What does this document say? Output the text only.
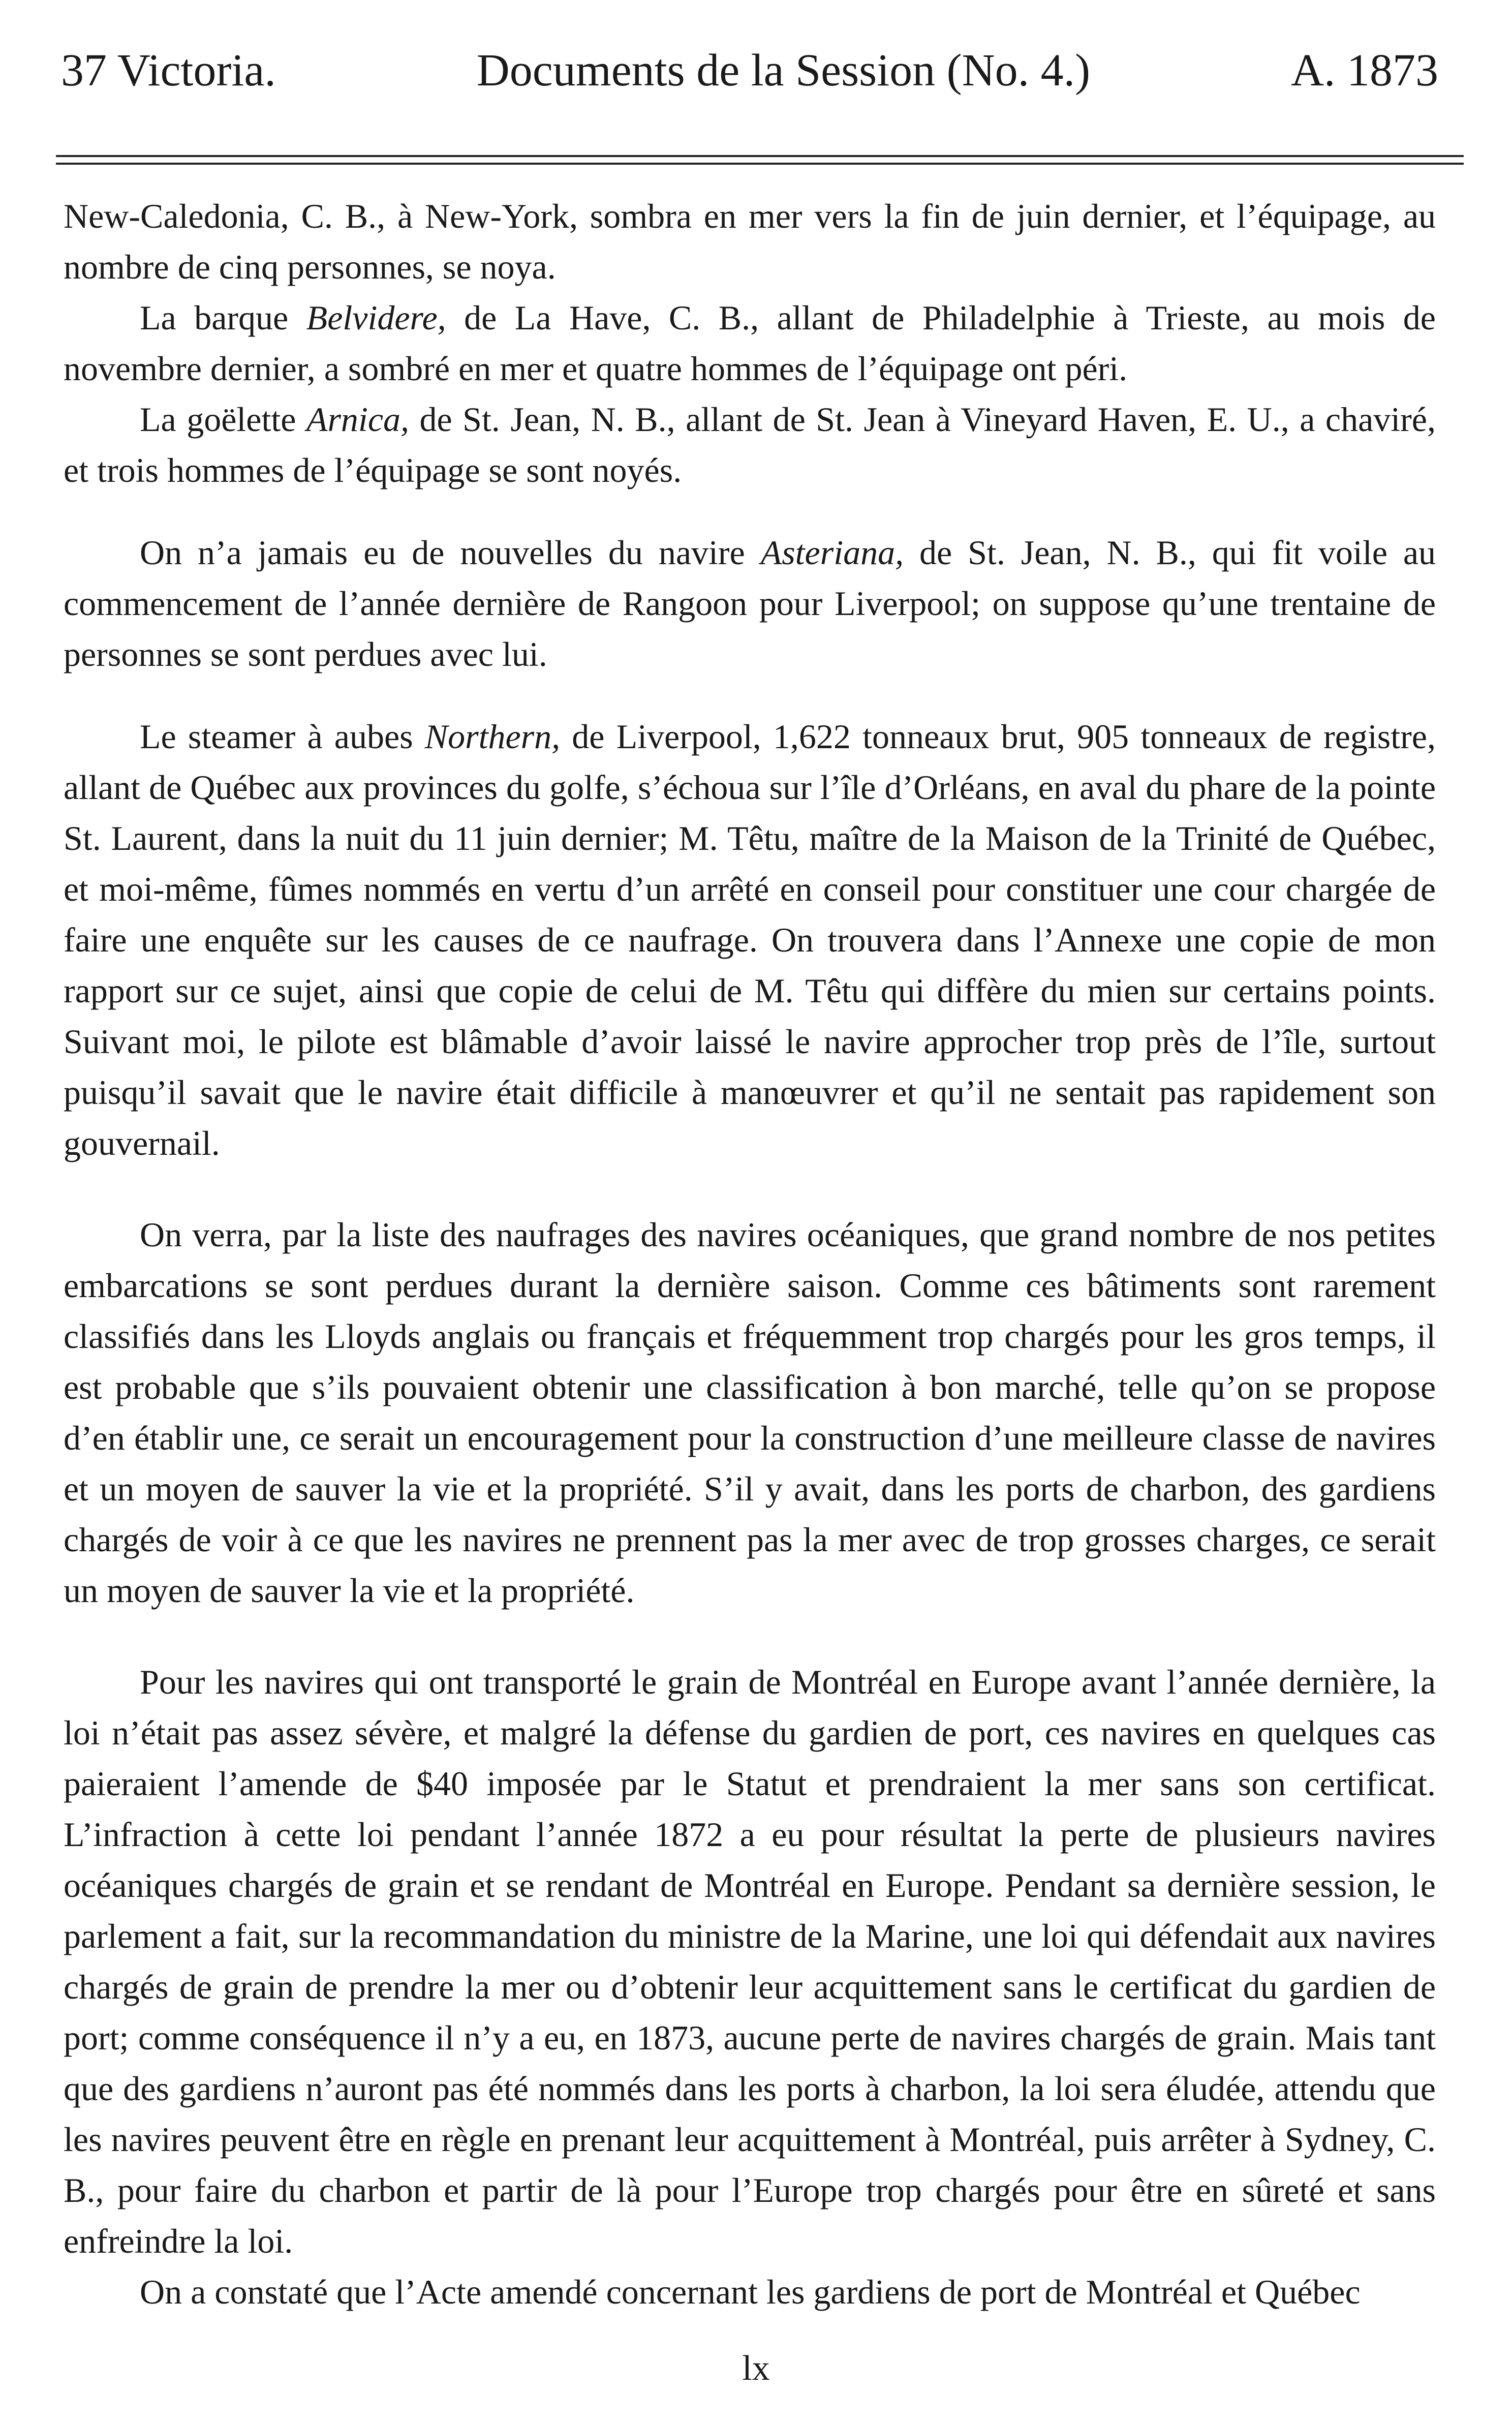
37 Victoria.	Documents de la Session (No. 4.)	A. 1873

New-Caledonia, C. B., à New-York, sombra en mer vers la fin de juin dernier, et l’équipage, au nombre de cinq personnes, se noya.

La barque Belvidere, de La Have, C. B., allant de Philadelphie à Trieste, au mois de novembre dernier, a sombré en mer et quatre hommes de l’équipage ont péri.

La goëlette Arnica, de St. Jean, N. B., allant de St. Jean à Vineyard Haven, E. U., a chaviré, et trois hommes de l’équipage se sont noyés.

On n’a jamais eu de nouvelles du navire Asteriana, de St. Jean, N. B., qui fit voile au commencement de l’année dernière de Rangoon pour Liverpool; on suppose qu’une trentaine de personnes se sont perdues avec lui.

Le steamer à aubes Northern, de Liverpool, 1,622 tonneaux brut, 905 tonneaux de registre, allant de Québec aux provinces du golfe, s’échoua sur l’île d’Orléans, en aval du phare de la pointe St. Laurent, dans la nuit du 11 juin dernier; M. Têtu, maître de la Maison de la Trinité de Québec, et moi-même, fûmes nommés en vertu d’un arrêté en conseil pour constituer une cour chargée de faire une enquête sur les causes de ce naufrage. On trouvera dans l’Annexe une copie de mon rapport sur ce sujet, ainsi que copie de celui de M. Têtu qui diffère du mien sur certains points. Suivant moi, le pilote est blâmable d’avoir laissé le navire approcher trop près de l’île, surtout puisqu’il savait que le navire était difficile à manœuvrer et qu’il ne sentait pas rapidement son gouvernail.

On verra, par la liste des naufrages des navires océaniques, que grand nombre de nos petites embarcations se sont perdues durant la dernière saison. Comme ces bâtiments sont rarement classifiés dans les Lloyds anglais ou français et fréquemment trop chargés pour les gros temps, il est probable que s’ils pouvaient obtenir une classification à bon marché, telle qu’on se propose d’en établir une, ce serait un encouragement pour la construction d’une meilleure classe de navires et un moyen de sauver la vie et la propriété. S’il y avait, dans les ports de charbon, des gardiens chargés de voir à ce que les navires ne prennent pas la mer avec de trop grosses charges, ce serait un moyen de sauver la vie et la propriété.

Pour les navires qui ont transporté le grain de Montréal en Europe avant l’année dernière, la loi n’était pas assez sévère, et malgré la défense du gardien de port, ces navires en quelques cas paieraient l’amende de $40 imposée par le Statut et prendraient la mer sans son certificat. L’infraction à cette loi pendant l’année 1872 a eu pour résultat la perte de plusieurs navires océaniques chargés de grain et se rendant de Montréal en Europe. Pendant sa dernière session, le parlement a fait, sur la recommandation du ministre de la Marine, une loi qui défendait aux navires chargés de grain de prendre la mer ou d’obtenir leur acquittement sans le certificat du gardien de port; comme conséquence il n’y a eu, en 1873, aucune perte de navires chargés de grain. Mais tant que des gardiens n’auront pas été nommés dans les ports à charbon, la loi sera éludée, attendu que les navires peuvent être en règle en prenant leur acquittement à Montréal, puis arrêter à Sydney, C. B., pour faire du charbon et partir de là pour l’Europe trop chargés pour être en sûreté et sans enfreindre la loi.

On a constaté que l’Acte amendé concernant les gardiens de port de Montréal et Québec

lx
